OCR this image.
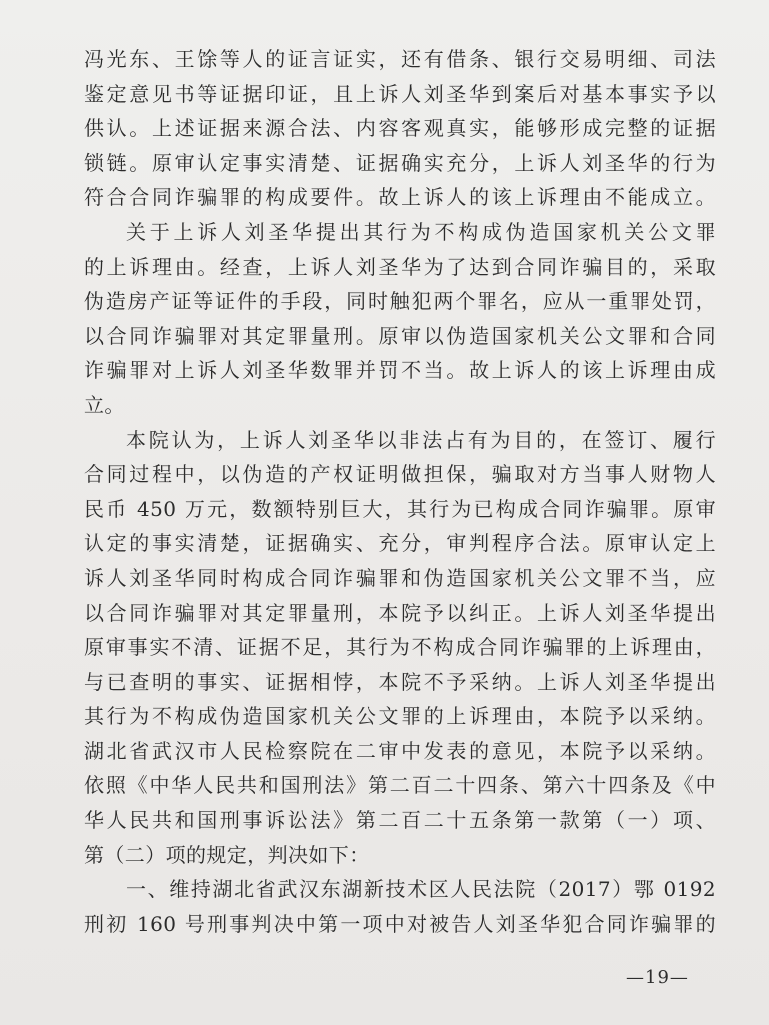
冯光东、王馀等人的证言证实，还有借条、银行交易明细、司法
鉴定意见书等证据印证，且上诉人刘圣华到案后对基本事实予以
供认。上述证据来源合法、内容客观真实，能够形成完整的证据
锁链。原审认定事实清楚、证据确实充分，上诉人刘圣华的行为
符合合同诈骗罪的构成要件。故上诉人的该上诉理由不能成立。
关于上诉人刘圣华提出其行为不构成伪造国家机关公文罪
的上诉理由。经查，上诉人刘圣华为了达到合同诈骗目的，采取
伪造房产证等证件的手段，同时触犯两个罪名，应从一重罪处罚，
以合同诈骗罪对其定罪量刑。原审以伪造国家机关公文罪和合同
诈骗罪对上诉人刘圣华数罪并罚不当。故上诉人的该上诉理由成
立。
本院认为，上诉人刘圣华以非法占有为目的，在签订、履行
合同过程中，以伪造的产权证明做担保，骗取对方当事人财物人
民币 450 万元，数额特别巨大，其行为已构成合同诈骗罪。原审
认定的事实清楚，证据确实、充分，审判程序合法。原审认定上
诉人刘圣华同时构成合同诈骗罪和伪造国家机关公文罪不当，应
以合同诈骗罪对其定罪量刑，本院予以纠正。上诉人刘圣华提出
原审事实不清、证据不足，其行为不构成合同诈骗罪的上诉理由，
与已查明的事实、证据相悖，本院不予采纳。上诉人刘圣华提出
其行为不构成伪造国家机关公文罪的上诉理由，本院予以采纳。
湖北省武汉市人民检察院在二审中发表的意见，本院予以采纳。
依照《中华人民共和国刑法》第二百二十四条、第六十四条及《中
华人民共和国刑事诉讼法》第二百二十五条第一款第（一）项、
第（二）项的规定，判决如下：
一、维持湖北省武汉东湖新技术区人民法院（2017）鄂 0192
刑初 160 号刑事判决中第一项中对被告人刘圣华犯合同诈骗罪的
—19—
